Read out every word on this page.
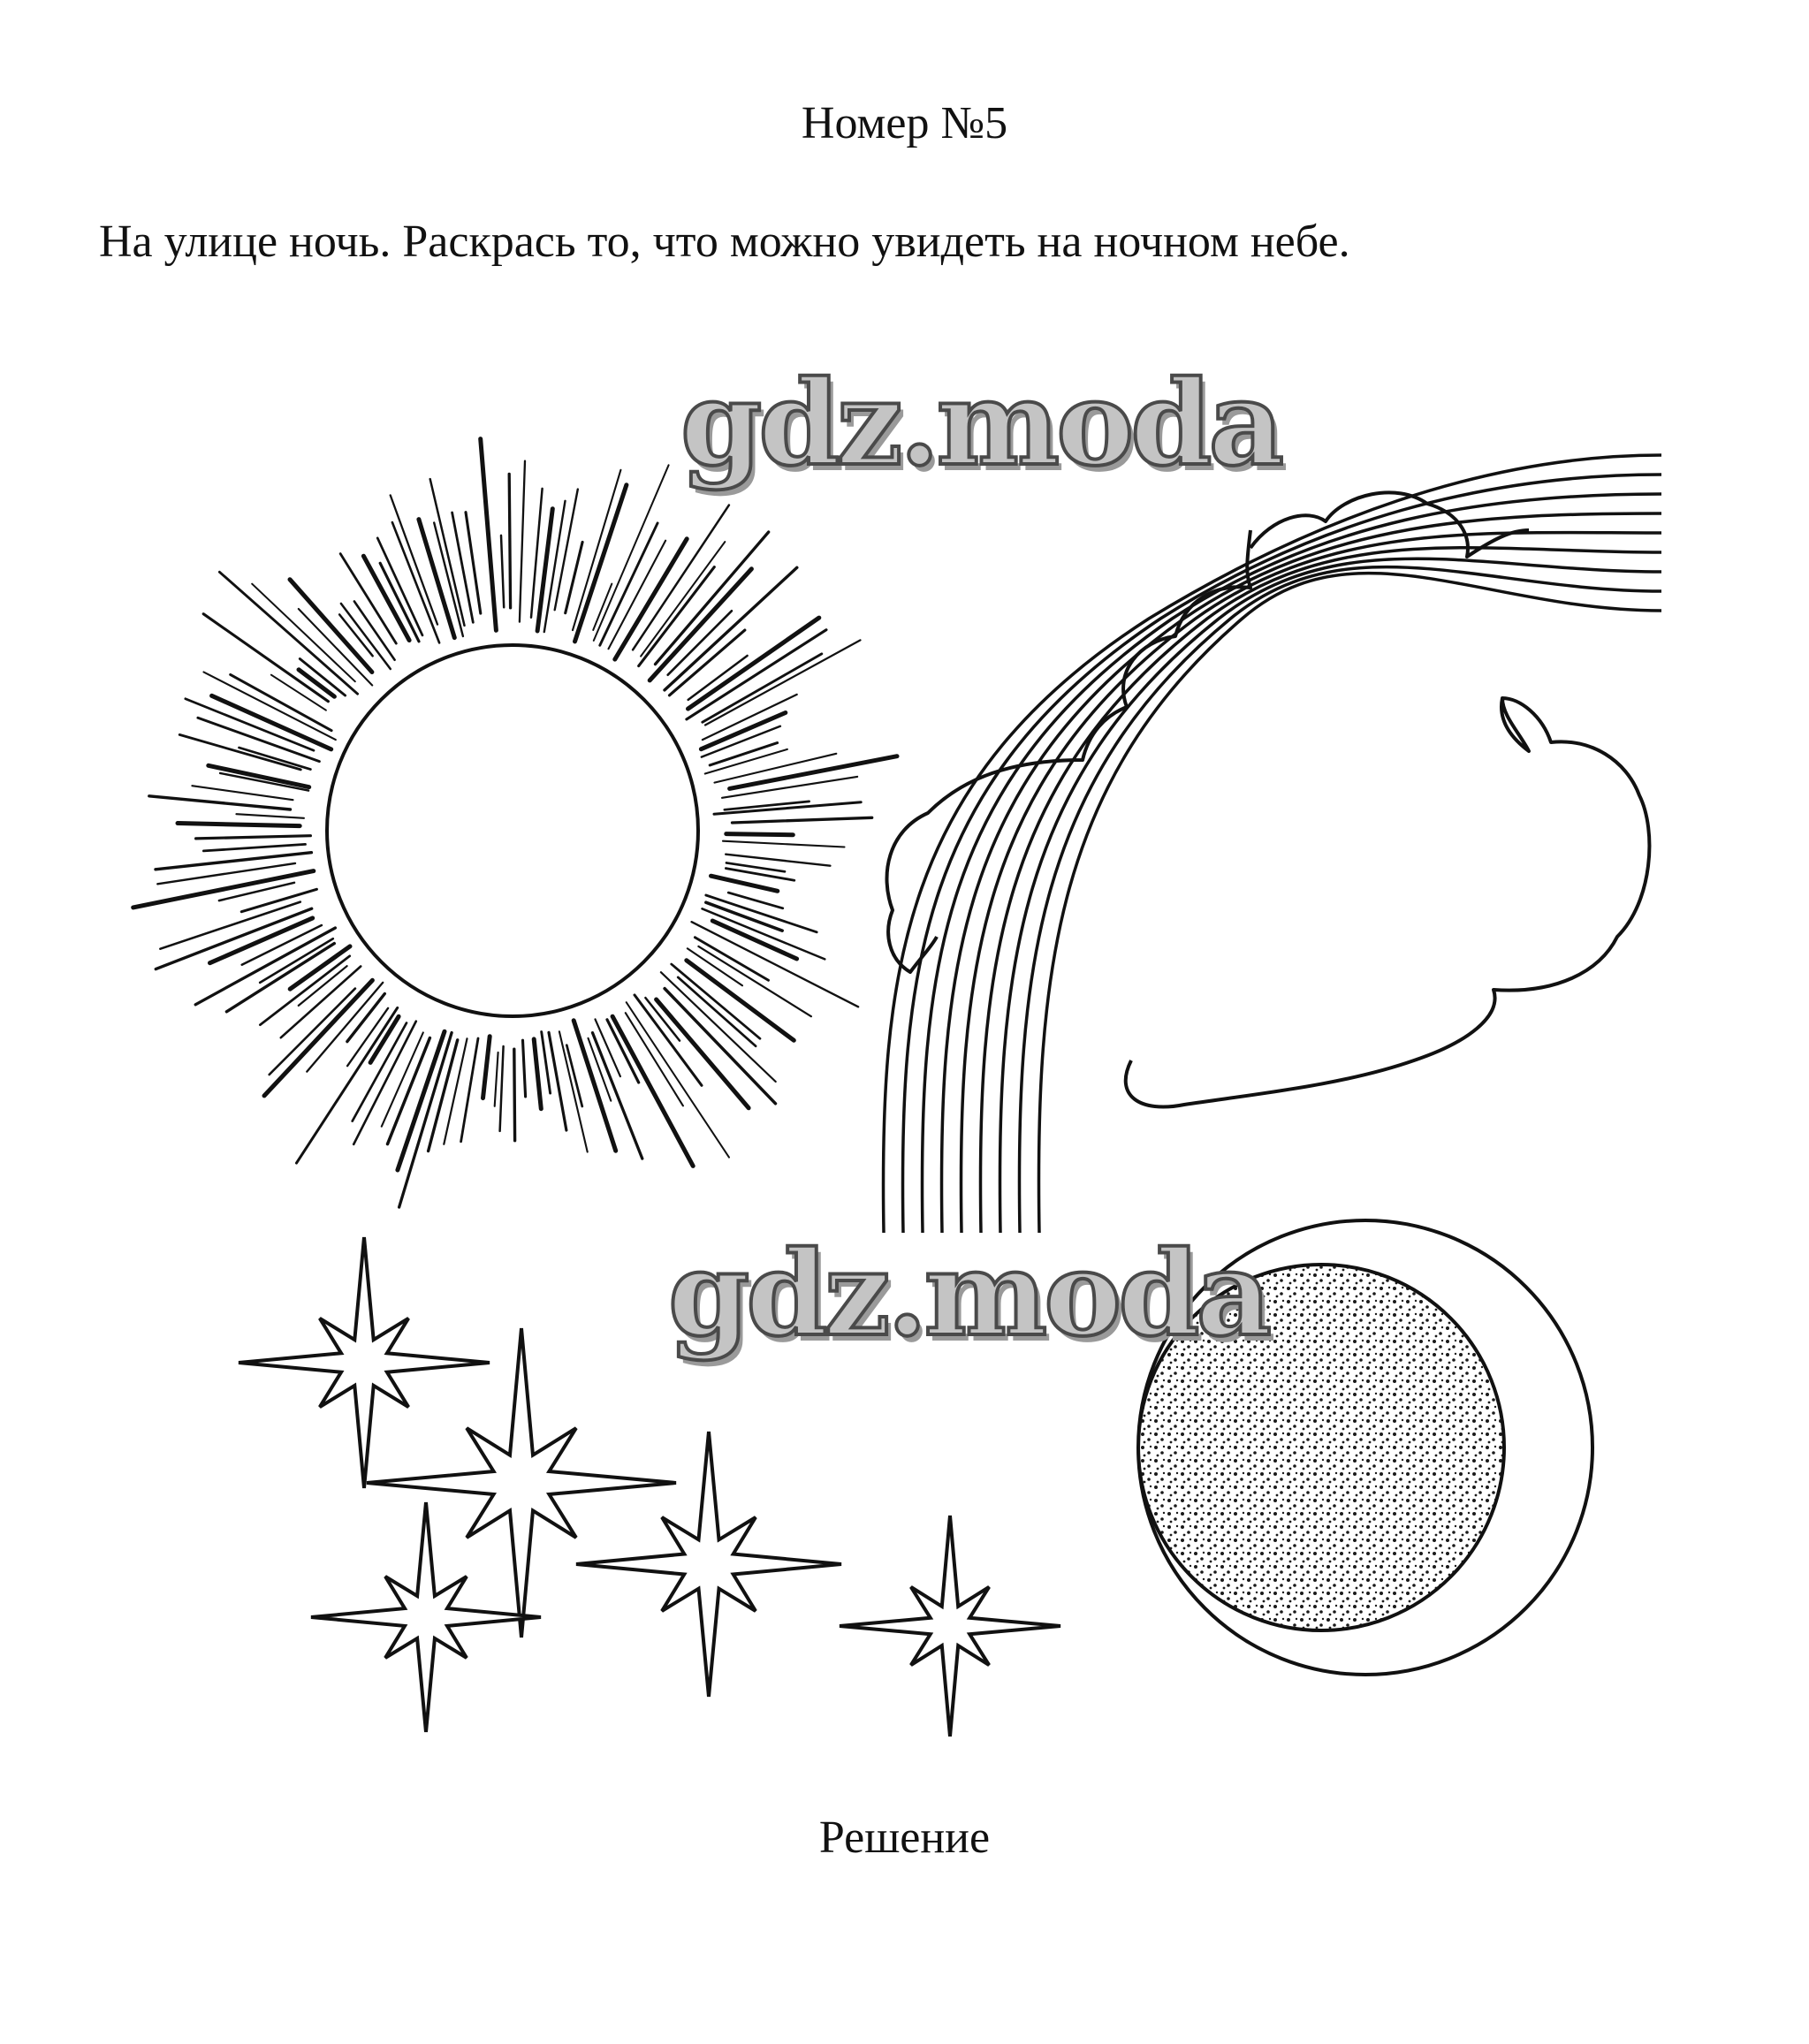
Номер №5

На улице ночь. Раскрась то, что можно увидеть на ночном небе.

gdz.moda
gdz.moda

Решение
